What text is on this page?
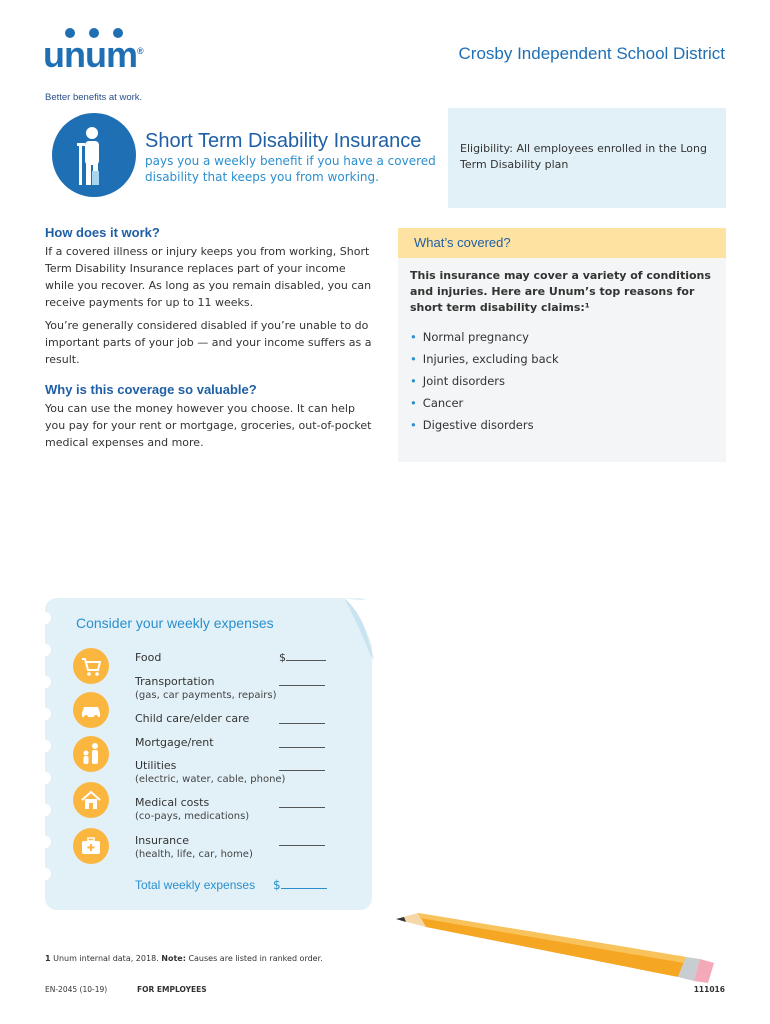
unum®
Better benefits at work.
Crosby Independent School District
Short Term Disability Insurance
pays you a weekly benefit if you have a covered disability that keeps you from working.
Eligibility: All employees enrolled in the Long Term Disability plan
How does it work?

If a covered illness or injury keeps you from working, Short Term Disability Insurance replaces part of your income while you recover. As long as you remain disabled, you can receive payments for up to 11 weeks.

You’re generally considered disabled if you’re unable to do important parts of your job — and your income suffers as a result.

Why is this coverage so valuable?

You can use the money however you choose. It can help you pay for your rent or mortgage, groceries, out-of-pocket medical expenses and more.

What’s covered?
This insurance may cover a variety of conditions and injuries. Here are Unum’s top reasons for short term disability claims:¹
• Normal pregnancy
• Injuries, excluding back
• Joint disorders
• Cancer
• Digestive disorders
Consider your weekly expenses
Food	$
Transportation
(gas, car payments, repairs)
Child care/elder care
Mortgage/rent
Utilities
(electric, water, cable, phone)
Medical costs
(co-pays, medications)
Insurance
(health, life, car, home)
Total weekly expenses $
1 Unum internal data, 2018. Note: Causes are listed in ranked order.
EN-2045 (10-19)	FOR EMPLOYEES	111016
